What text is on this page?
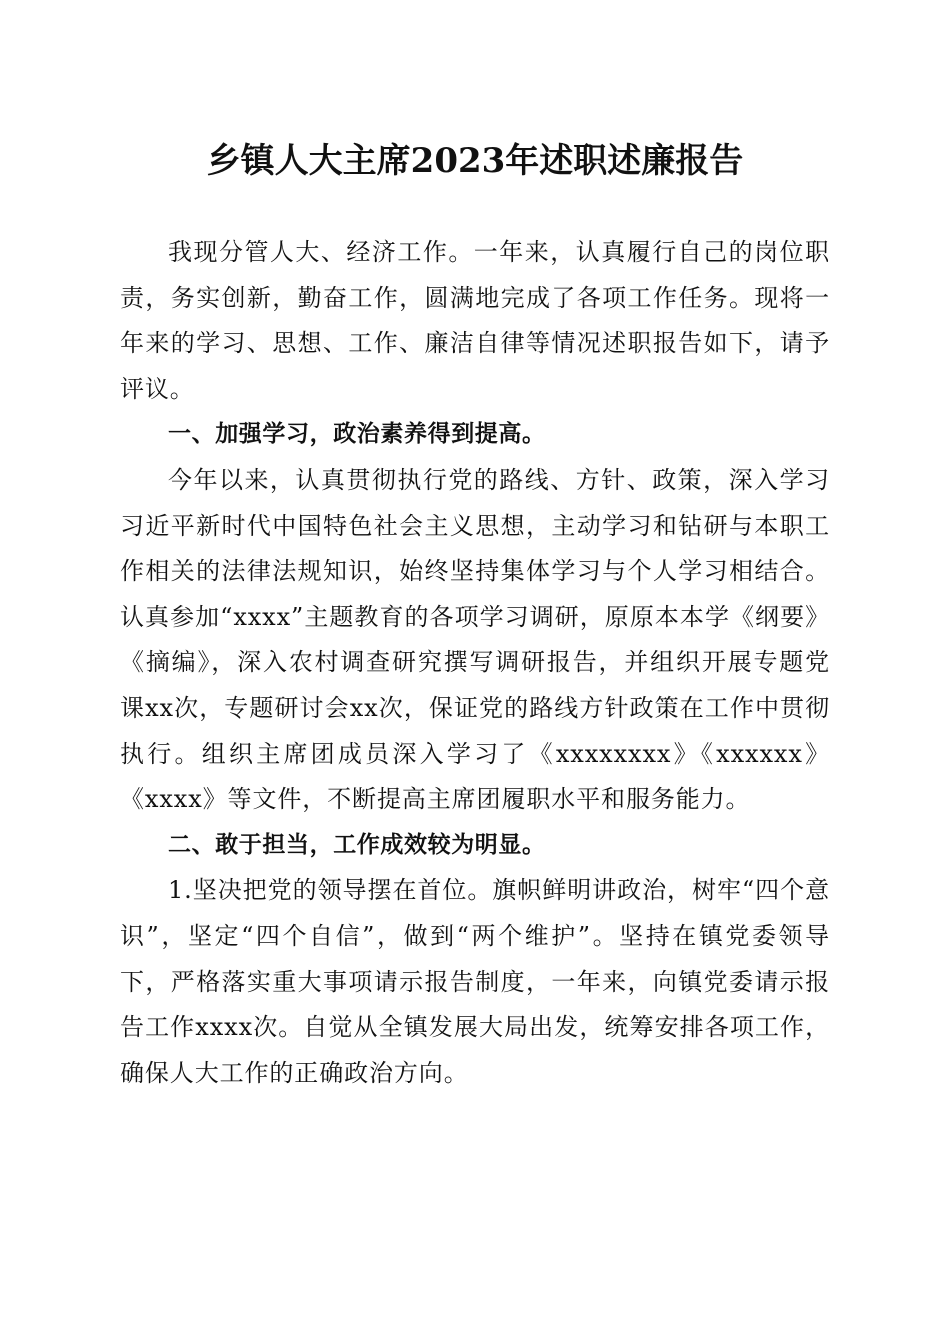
乡镇人大主席2023年述职述廉报告

我现分管人大、经济工作。一年来，认真履行自己的岗位职责，务实创新，勤奋工作，圆满地完成了各项工作任务。现将一年来的学习、思想、工作、廉洁自律等情况述职报告如下，请予评议。

一、加强学习，政治素养得到提高。

今年以来，认真贯彻执行党的路线、方针、政策，深入学习习近平新时代中国特色社会主义思想，主动学习和钻研与本职工作相关的法律法规知识，始终坚持集体学习与个人学习相结合。认真参加“xxxx”主题教育的各项学习调研，原原本本学《纲要》《摘编》，深入农村调查研究撰写调研报告，并组织开展专题党课xx次，专题研讨会xx次，保证党的路线方针政策在工作中贯彻执行。组织主席团成员深入学习了《xxxxxxxx》《xxxxxx》《xxxx》等文件，不断提高主席团履职水平和服务能力。

二、敢于担当，工作成效较为明显。

1.坚决把党的领导摆在首位。旗帜鲜明讲政治，树牢“四个意识”，坚定“四个自信”，做到“两个维护”。坚持在镇党委领导下，严格落实重大事项请示报告制度，一年来，向镇党委请示报告工作xxxx次。自觉从全镇发展大局出发，统筹安排各项工作，确保人大工作的正确政治方向。
